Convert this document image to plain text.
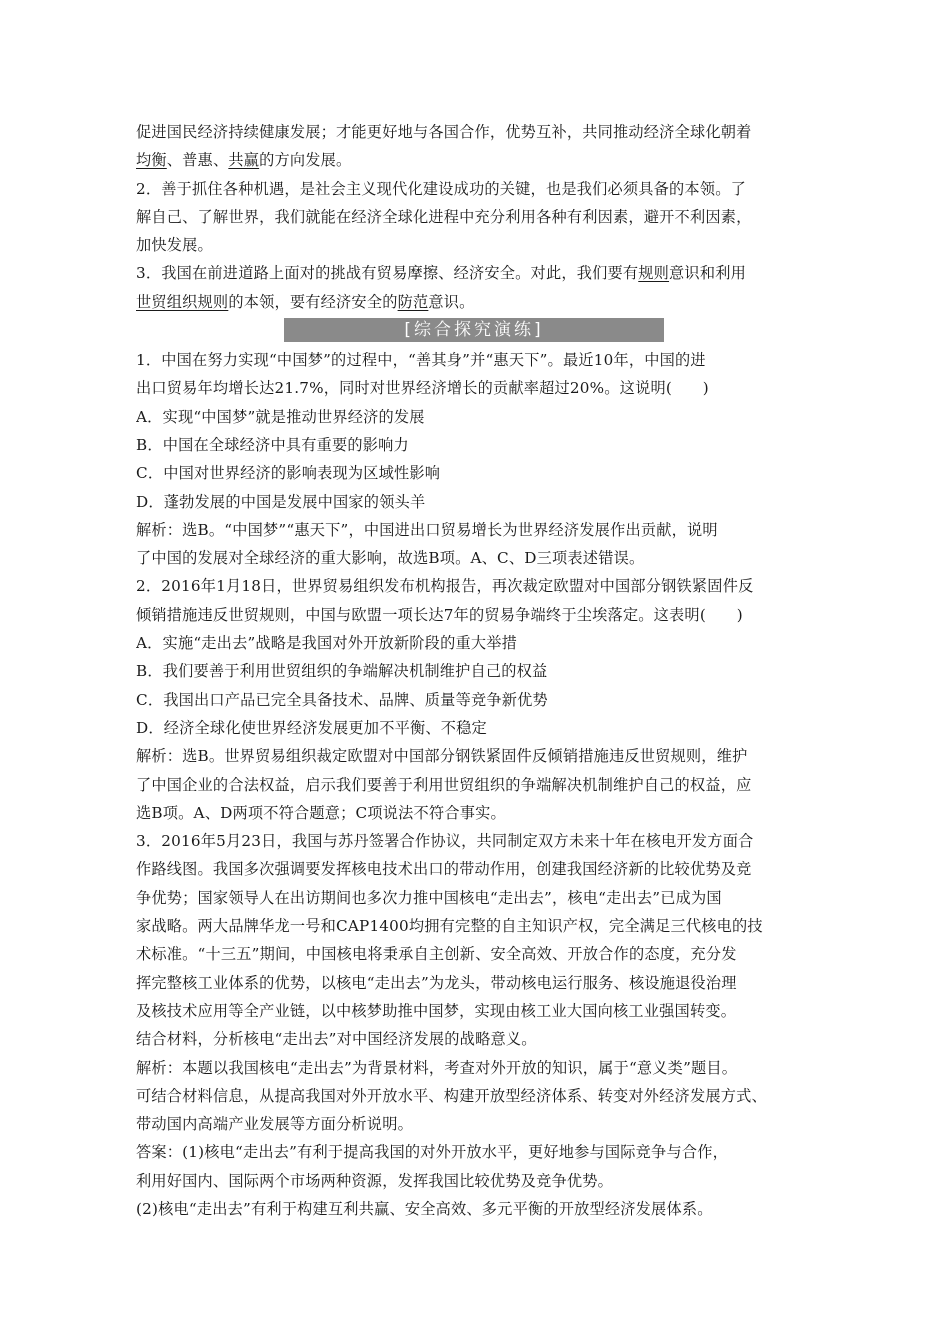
促进国民经济持续健康发展；才能更好地与各国合作，优势互补，共同推动经济全球化朝着
均衡、普惠、共赢的方向发展。
2．善于抓住各种机遇，是社会主义现代化建设成功的关键，也是我们必须具备的本领。了
解自己、了解世界，我们就能在经济全球化进程中充分利用各种有利因素，避开不利因素，
加快发展。
3．我国在前进道路上面对的挑战有贸易摩擦、经济安全。对此，我们要有规则意识和利用
世贸组织规则的本领，要有经济安全的防范意识。
[综合探究演练]
1．中国在努力实现“中国梦”的过程中，“善其身”并“惠天下”。最近10年，中国的进
出口贸易年均增长达21.7%，同时对世界经济增长的贡献率超过20%。这说明(　　)
A．实现“中国梦”就是推动世界经济的发展
B．中国在全球经济中具有重要的影响力
C．中国对世界经济的影响表现为区域性影响
D．蓬勃发展的中国是发展中国家的领头羊
解析：选B。“中国梦”“惠天下”，中国进出口贸易增长为世界经济发展作出贡献，说明
了中国的发展对全球经济的重大影响，故选B项。A、C、D三项表述错误。
2．2016年1月18日，世界贸易组织发布机构报告，再次裁定欧盟对中国部分钢铁紧固件反
倾销措施违反世贸规则，中国与欧盟一项长达7年的贸易争端终于尘埃落定。这表明(　　)
A．实施“走出去”战略是我国对外开放新阶段的重大举措
B．我们要善于利用世贸组织的争端解决机制维护自己的权益
C．我国出口产品已完全具备技术、品牌、质量等竞争新优势
D．经济全球化使世界经济发展更加不平衡、不稳定
解析：选B。世界贸易组织裁定欧盟对中国部分钢铁紧固件反倾销措施违反世贸规则，维护
了中国企业的合法权益，启示我们要善于利用世贸组织的争端解决机制维护自己的权益，应
选B项。A、D两项不符合题意；C项说法不符合事实。
3．2016年5月23日，我国与苏丹签署合作协议，共同制定双方未来十年在核电开发方面合
作路线图。我国多次强调要发挥核电技术出口的带动作用，创建我国经济新的比较优势及竞
争优势；国家领导人在出访期间也多次力推中国核电“走出去”，核电“走出去”已成为国
家战略。两大品牌华龙一号和CAP1400均拥有完整的自主知识产权，完全满足三代核电的技
术标准。“十三五”期间，中国核电将秉承自主创新、安全高效、开放合作的态度，充分发
挥完整核工业体系的优势，以核电“走出去”为龙头，带动核电运行服务、核设施退役治理
及核技术应用等全产业链，以中核梦助推中国梦，实现由核工业大国向核工业强国转变。
结合材料，分析核电“走出去”对中国经济发展的战略意义。
解析：本题以我国核电“走出去”为背景材料，考查对外开放的知识，属于“意义类”题目。
可结合材料信息，从提高我国对外开放水平、构建开放型经济体系、转变对外经济发展方式、
带动国内高端产业发展等方面分析说明。
答案：(1)核电“走出去”有利于提高我国的对外开放水平，更好地参与国际竞争与合作，
利用好国内、国际两个市场两种资源，发挥我国比较优势及竞争优势。
(2)核电“走出去”有利于构建互利共赢、安全高效、多元平衡的开放型经济发展体系。
